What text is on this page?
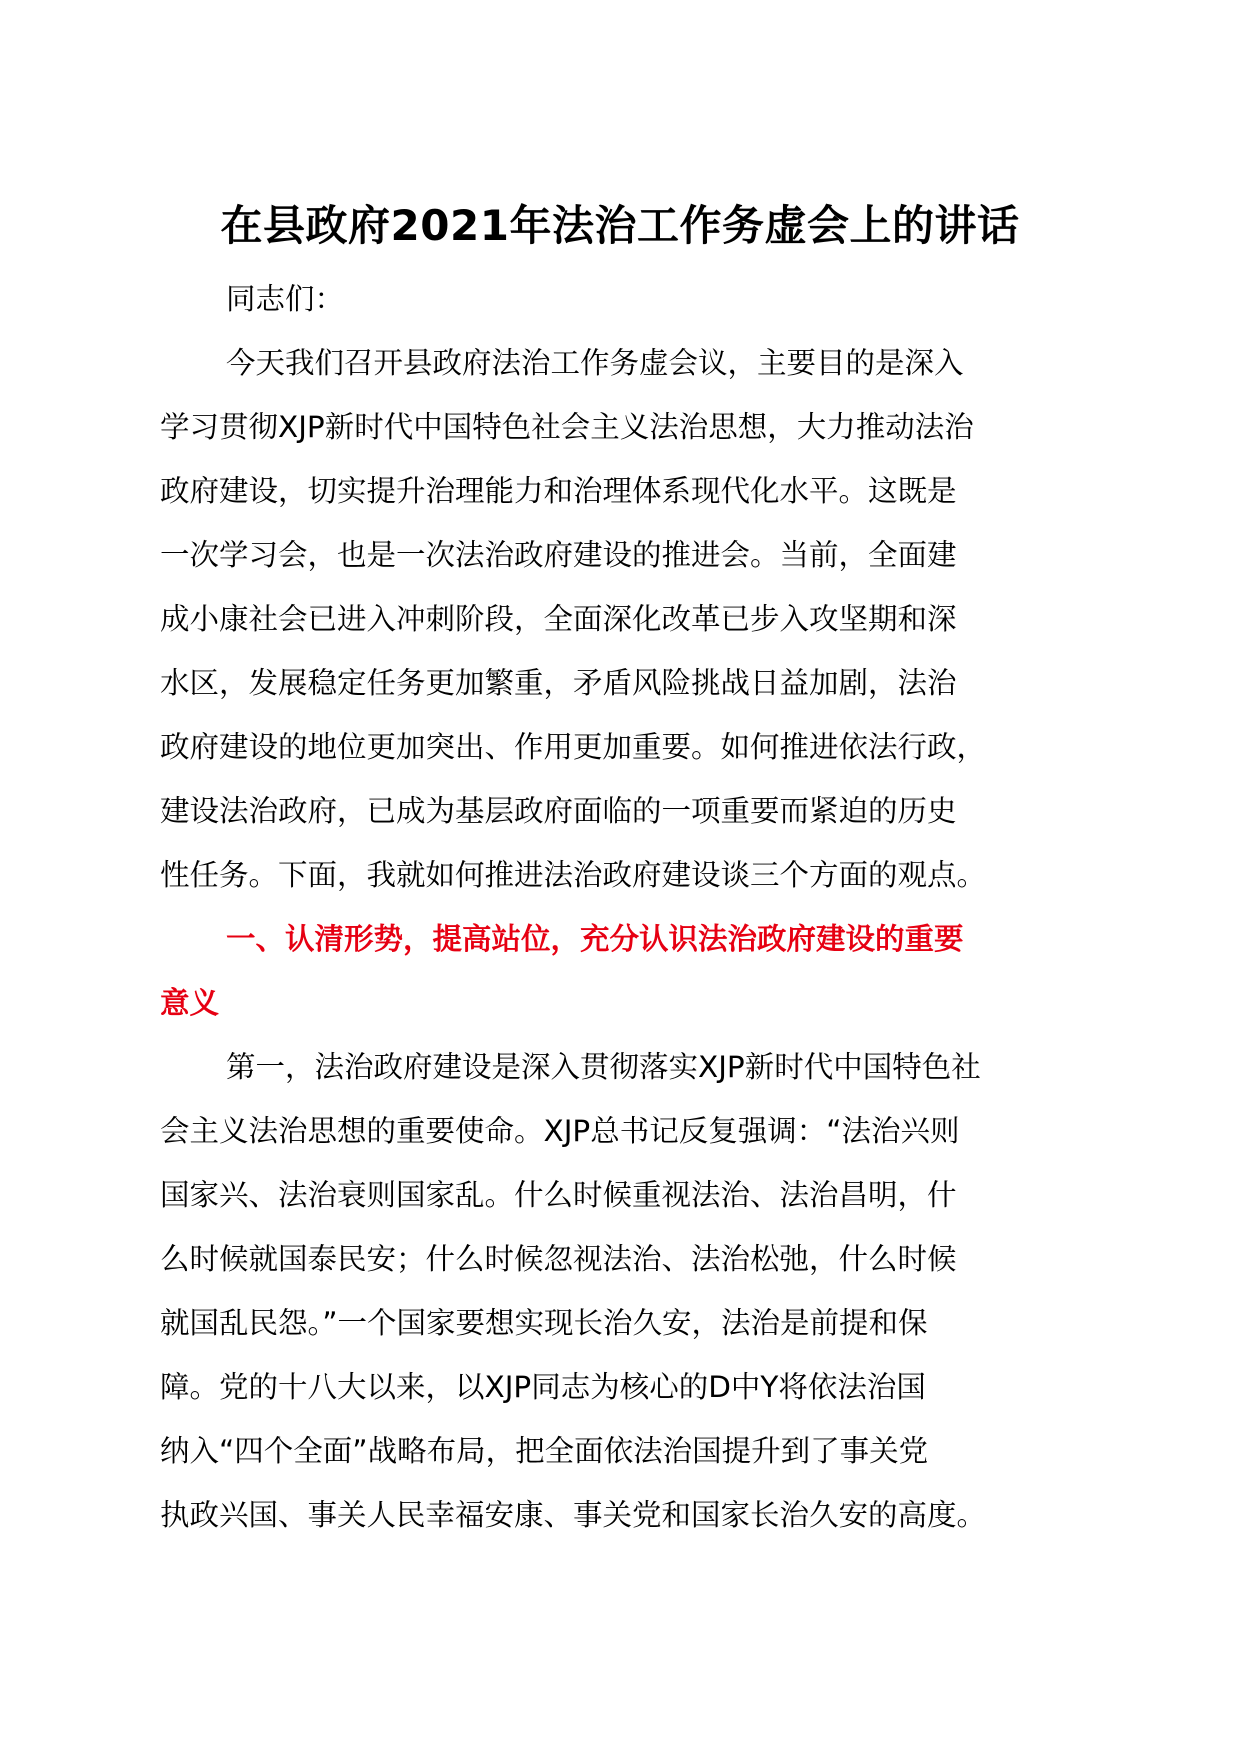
在县政府2021年法治工作务虚会上的讲话
同志们：
今天我们召开县政府法治工作务虚会议，主要目的是深入
学习贯彻XJP新时代中国特色社会主义法治思想，大力推动法治
政府建设，切实提升治理能力和治理体系现代化水平。这既是
一次学习会，也是一次法治政府建设的推进会。当前，全面建
成小康社会已进入冲刺阶段，全面深化改革已步入攻坚期和深
水区，发展稳定任务更加繁重，矛盾风险挑战日益加剧，法治
政府建设的地位更加突出、作用更加重要。如何推进依法行政，
建设法治政府，已成为基层政府面临的一项重要而紧迫的历史
性任务。下面，我就如何推进法治政府建设谈三个方面的观点。
一、认清形势，提高站位，充分认识法治政府建设的重要
意义
第一，法治政府建设是深入贯彻落实XJP新时代中国特色社
会主义法治思想的重要使命。XJP总书记反复强调：“法治兴则
国家兴、法治衰则国家乱。什么时候重视法治、法治昌明，什
么时候就国泰民安；什么时候忽视法治、法治松弛，什么时候
就国乱民怨。”一个国家要想实现长治久安，法治是前提和保
障。党的十八大以来，以XJP同志为核心的D中Y将依法治国
纳入“四个全面”战略布局，把全面依法治国提升到了事关党
执政兴国、事关人民幸福安康、事关党和国家长治久安的高度。
